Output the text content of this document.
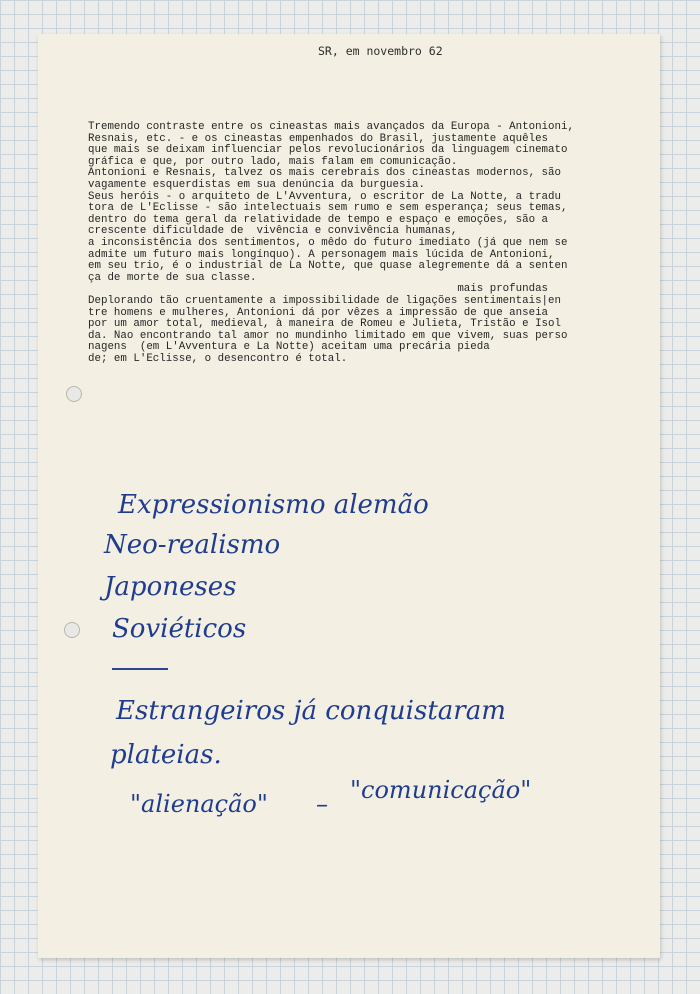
SR, em novembro 62
Tremendo contraste entre os cineastas mais avançados da Europa - Antonioni,
Resnais, etc. - e os cineastas empenhados do Brasil, justamente aquêles
que mais se deixam influenciar pelos revolucionários da linguagem cinemato
gráfica e que, por outro lado, mais falam em comunicação.
Antonioni e Resnais, talvez os mais cerebrais dos cineastas modernos, são
vagamente esquerdistas em sua denúncia da burguesia.
Seus heróis - o arquiteto de L'Avventura, o escritor de La Notte, a tradu
tora de L'Eclisse - são intelectuais sem rumo e sem esperança; seus temas,
dentro do tema geral da relatividade de tempo e espaço e emoções, são a
crescente dificuldade de  vivência e convivência humanas,
a inconsistência dos sentimentos, o mêdo do futuro imediato (já que nem se
admite um futuro mais longínquo). A personagem mais lúcida de Antonioni,
em seu trio, é o industrial de La Notte, que quase alegremente dá a senten
ça de morte de sua classe.
mais profundas
Deplorando tão cruentamente a impossibilidade de ligações sentimentais|en
tre homens e mulheres, Antonioni dá por vêzes a impressão de que anseia
por um amor total, medieval, à maneira de Romeu e Julieta, Tristão e Isol
da. Nao encontrando tal amor no mundinho limitado em que vivem, suas perso
nagens  (em L'Avventura e La Notte) aceitam uma precária pieda
de; em L'Eclisse, o desencontro é total.
Expressionismo alemão
Neo-realismo
Japoneses
Soviéticos
Estrangeiros já conquistaram
plateias.
"alienação" – "comunicação"
